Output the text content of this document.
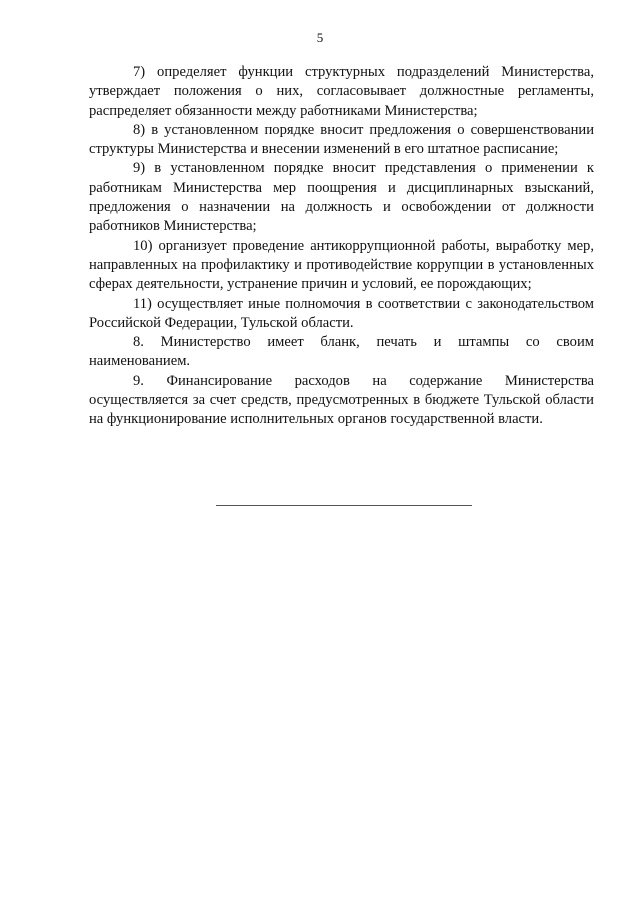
5

7) определяет функции структурных подразделений Министерства, утверждает положения о них, согласовывает должностные регламенты, распределяет обязанности между работниками Министерства;

8) в установленном порядке вносит предложения о совершенствовании структуры Министерства и внесении изменений в его штатное расписание;

9) в установленном порядке вносит представления о применении к работникам Министерства мер поощрения и дисциплинарных взысканий, предложения о назначении на должность и освобождении от должности работников Министерства;

10) организует проведение антикоррупционной работы, выработку мер, направленных на профилактику и противодействие коррупции в установленных сферах деятельности, устранение причин и условий, ее порождающих;

11) осуществляет иные полномочия в соответствии с законодательством Российской Федерации, Тульской области.

8. Министерство имеет бланк, печать и штампы со своим наименованием.

9. Финансирование расходов на содержание Министерства осуществляется за счет средств, предусмотренных в бюджете Тульской области на функционирование исполнительных органов государственной власти.
